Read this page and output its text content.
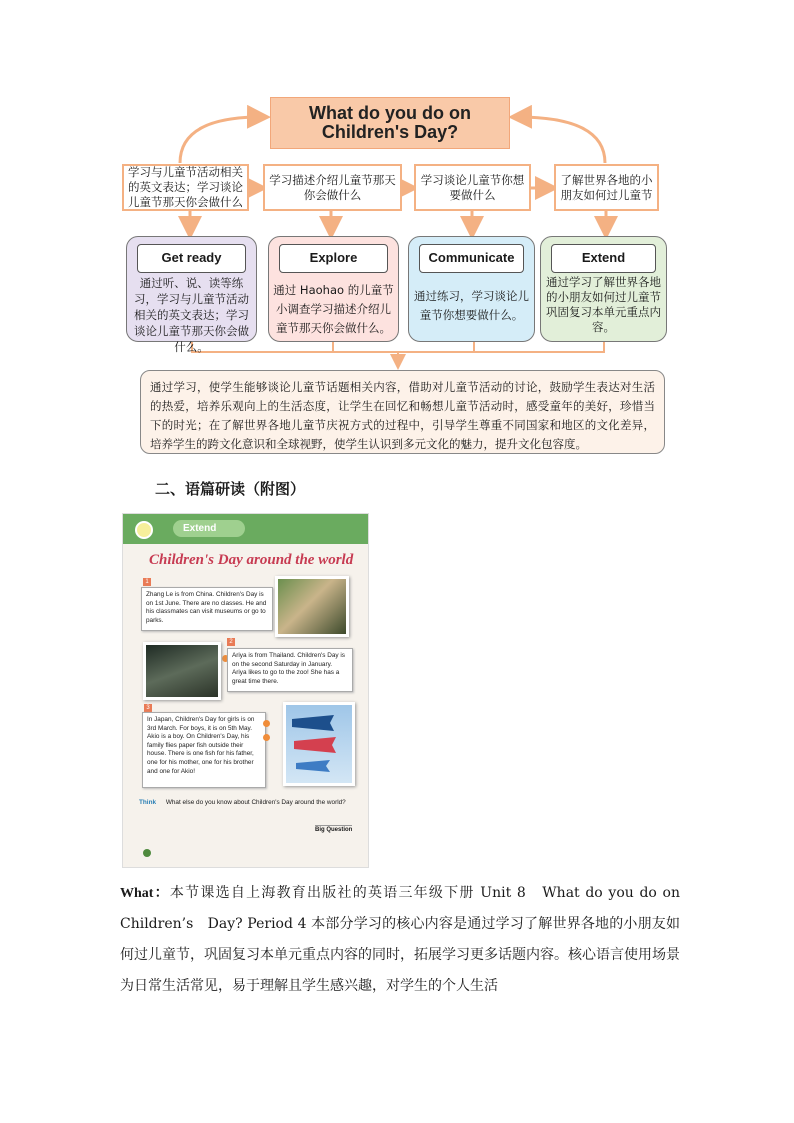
What do you do on
Children's Day?
学习与儿童节活动相关的英文表达；学习谈论儿童节那天你会做什么
学习描述介绍儿童节那天你会做什么
学习谈论儿童节你想要做什么
了解世界各地的小朋友如何过儿童节
Get ready
通过听、说、读等练习，学习与儿童节活动相关的英文表达；学习谈论儿童节那天你会做什么。
Explore
通过 Haohao 的儿童节小调查学习描述介绍儿童节那天你会做什么。
Communicate
通过练习，学习谈论儿童节你想要做什么。
Extend
通过学习了解世界各地的小朋友如何过儿童节巩固复习本单元重点内容。
通过学习，使学生能够谈论儿童节话题相关内容，借助对儿童节活动的讨论，鼓励学生表达对生活的热爱，培养乐观向上的生活态度，让学生在回忆和畅想儿童节活动时，感受童年的美好，珍惜当下的时光；在了解世界各地儿童节庆祝方式的过程中，引导学生尊重不同国家和地区的文化差异，培养学生的跨文化意识和全球视野，使学生认识到多元文化的魅力，提升文化包容度。
二、语篇研读（附图）
Extend
Children's Day around the world
1
Zhang Le is from China. Children's Day is on 1st June. There are no classes. He and his classmates can visit museums or go to parks.
2
Ariya is from Thailand. Children's Day is on the second Saturday in January. Ariya likes to go to the zoo! She has a great time there.
3
In Japan, Children's Day for girls is on 3rd March. For boys, it is on 5th May. Akio is a boy. On Children's Day, his family flies paper fish outside their house. There is one fish for his father, one for his mother, one for his brother and one for Akio!
Think What else do you know about Children's Day around the world?
Big Question
What：本节课选自上海教育出版社的英语三年级下册 Unit 8　What do you do on Children’s　Day? Period 4 本部分学习的核心内容是通过学习了解世界各地的小朋友如何过儿童节，巩固复习本单元重点内容的同时，拓展学习更多话题内容。核心语言使用场景为日常生活常见，易于理解且学生感兴趣，对学生的个人生活
